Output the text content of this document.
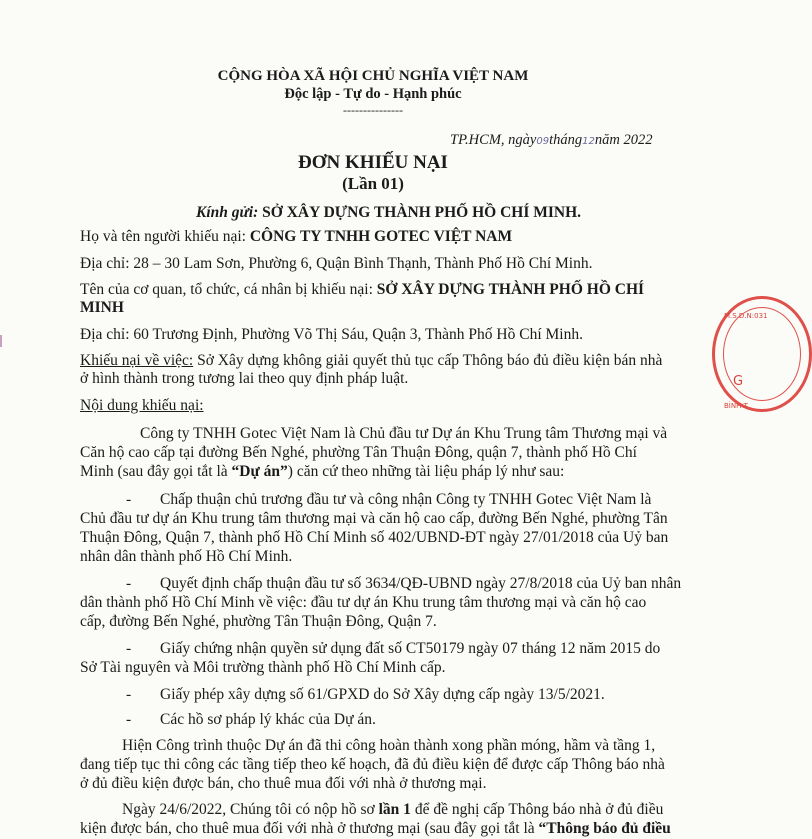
M.S.D.N:031
G
BÌNH T
CỘNG HÒA XÃ HỘI CHỦ NGHĨA VIỆT NAM
Độc lập - Tự do - Hạnh phúc
---------------
TP.HCM, ngày09tháng12năm 2022
ĐƠN KHIẾU NẠI
(Lần 01)
Kính gửi: SỞ XÂY DỰNG THÀNH PHỐ HỒ CHÍ MINH.
Họ và tên người khiếu nại: CÔNG TY TNHH GOTEC VIỆT NAM
Địa chỉ: 28 – 30 Lam Sơn, Phường 6, Quận Bình Thạnh, Thành Phố Hồ Chí Minh.
Tên của cơ quan, tổ chức, cá nhân bị khiếu nại: SỞ XÂY DỰNG THÀNH PHỐ HỒ CHÍ
MINH
Địa chỉ: 60 Trương Định, Phường Võ Thị Sáu, Quận 3, Thành Phố Hồ Chí Minh.
Khiếu nại về việc: Sở Xây dựng không giải quyết thủ tục cấp Thông báo đủ điều kiện bán nhà
ở hình thành trong tương lai theo quy định pháp luật.
Nội dung khiếu nại:
Công ty TNHH Gotec Việt Nam là Chủ đầu tư Dự án Khu Trung tâm Thương mại và
Căn hộ cao cấp tại đường Bến Nghé, phường Tân Thuận Đông, quận 7, thành phố Hồ Chí
Minh (sau đây gọi tắt là “Dự án”) căn cứ theo những tài liệu pháp lý như sau:
- Chấp thuận chủ trương đầu tư và công nhận Công ty TNHH Gotec Việt Nam là
Chủ đầu tư dự án Khu trung tâm thương mại và căn hộ cao cấp, đường Bến Nghé, phường Tân
Thuận Đông, Quận 7, thành phố Hồ Chí Minh số 402/UBND-ĐT ngày 27/01/2018 của Uỷ ban
nhân dân thành phố Hồ Chí Minh.
- Quyết định chấp thuận đầu tư số 3634/QĐ-UBND ngày 27/8/2018 của Uỷ ban nhân
dân thành phố Hồ Chí Minh về việc: đầu tư dự án Khu trung tâm thương mại và căn hộ cao
cấp, đường Bến Nghé, phường Tân Thuận Đông, Quận 7.
- Giấy chứng nhận quyền sử dụng đất số CT50179 ngày 07 tháng 12 năm 2015 do
Sở Tài nguyên và Môi trường thành phố Hồ Chí Minh cấp.
- Giấy phép xây dựng số 61/GPXD do Sở Xây dựng cấp ngày 13/5/2021.
- Các hồ sơ pháp lý khác của Dự án.
Hiện Công trình thuộc Dự án đã thi công hoàn thành xong phần móng, hầm và tầng 1,
đang tiếp tục thi công các tầng tiếp theo kế hoạch, đã đủ điều kiện để được cấp Thông báo nhà
ở đủ điều kiện được bán, cho thuê mua đối với nhà ở thương mại.
Ngày 24/6/2022, Chúng tôi có nộp hồ sơ lần 1 để đề nghị cấp Thông báo nhà ở đủ điều
kiện được bán, cho thuê mua đối với nhà ở thương mại (sau đây gọi tắt là “Thông báo đủ điều
